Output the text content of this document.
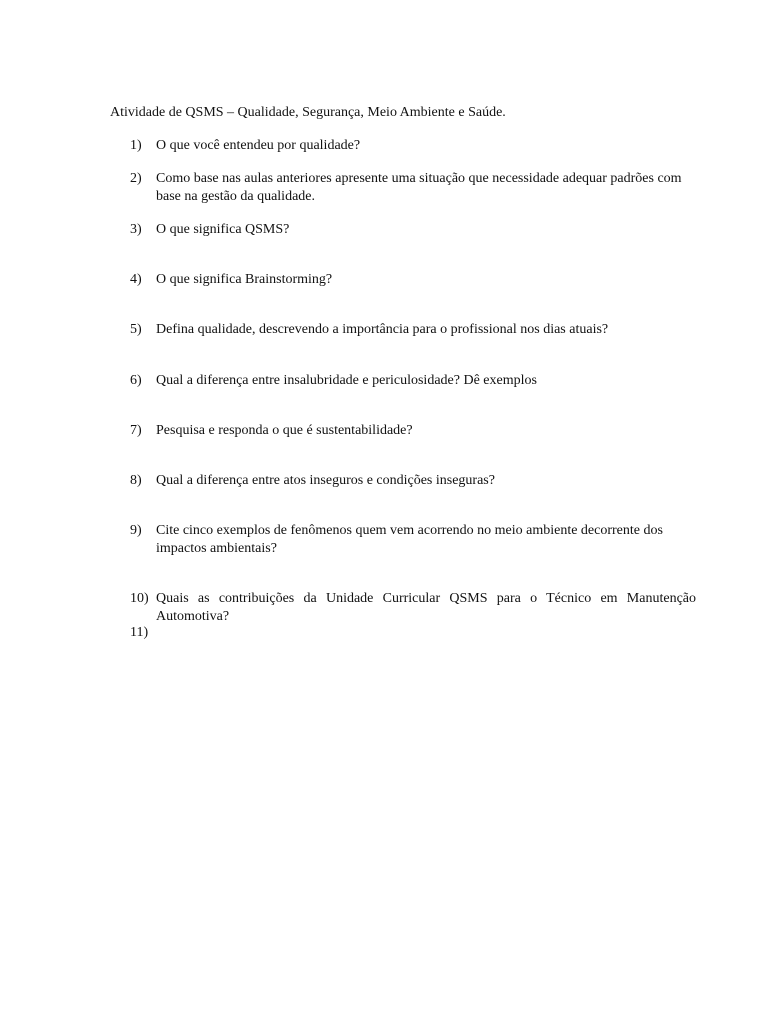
Atividade de QSMS – Qualidade, Segurança, Meio Ambiente e Saúde.
1)	O que você entendeu por qualidade?
2)	Como base nas aulas anteriores apresente uma situação que necessidade adequar padrões com base na gestão da qualidade.
3)	O que significa QSMS?
4)	O que significa Brainstorming?
5)	Defina qualidade, descrevendo a importância para o profissional nos dias atuais?
6)	Qual a diferença entre insalubridade e periculosidade? Dê exemplos
7)	Pesquisa e responda o que é sustentabilidade?
8)	Qual a diferença entre atos inseguros e condições inseguras?
9)	Cite cinco exemplos de fenômenos quem vem acorrendo no meio ambiente decorrente dos impactos ambientais?
10) Quais as contribuições da Unidade Curricular QSMS para o Técnico em Manutenção Automotiva?
11)
